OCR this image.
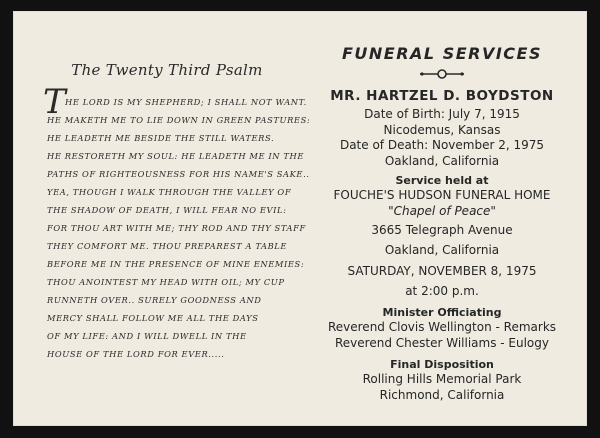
The Twenty Third Psalm
T HE LORD IS MY SHEPHERD; I SHALL NOT WANT.
HE MAKETH ME TO LIE DOWN IN GREEN PASTURES:
HE LEADETH ME BESIDE THE STILL WATERS.
HE RESTORETH MY SOUL: HE LEADETH ME IN THE
PATHS OF RIGHTEOUSNESS FOR HIS NAME'S SAKE..
YEA, THOUGH I WALK THROUGH THE VALLEY OF
THE SHADOW OF DEATH, I WILL FEAR NO EVIL:
FOR THOU ART WITH ME; THY ROD AND THY STAFF
THEY COMFORT ME. THOU PREPAREST A TABLE
BEFORE ME IN THE PRESENCE OF MINE ENEMIES:
THOU ANOINTEST MY HEAD WITH OIL; MY CUP
RUNNETH OVER.. SURELY GOODNESS AND
MERCY SHALL FOLLOW ME ALL THE DAYS
OF MY LIFE: AND I WILL DWELL IN THE
HOUSE OF THE LORD FOR EVER.....
FUNERAL SERVICES
MR. HARTZEL D. BOYDSTON
Date of Birth: July 7, 1915
Nicodemus, Kansas
Date of Death: November 2, 1975
Oakland, California
Service held at
FOUCHE'S HUDSON FUNERAL HOME
"Chapel of Peace"
3665 Telegraph Avenue
Oakland, California
SATURDAY, NOVEMBER 8, 1975
at 2:00 p.m.
Minister Officiating
Reverend Clovis Wellington - Remarks
Reverend Chester Williams - Eulogy
Final Disposition
Rolling Hills Memorial Park
Richmond, California
